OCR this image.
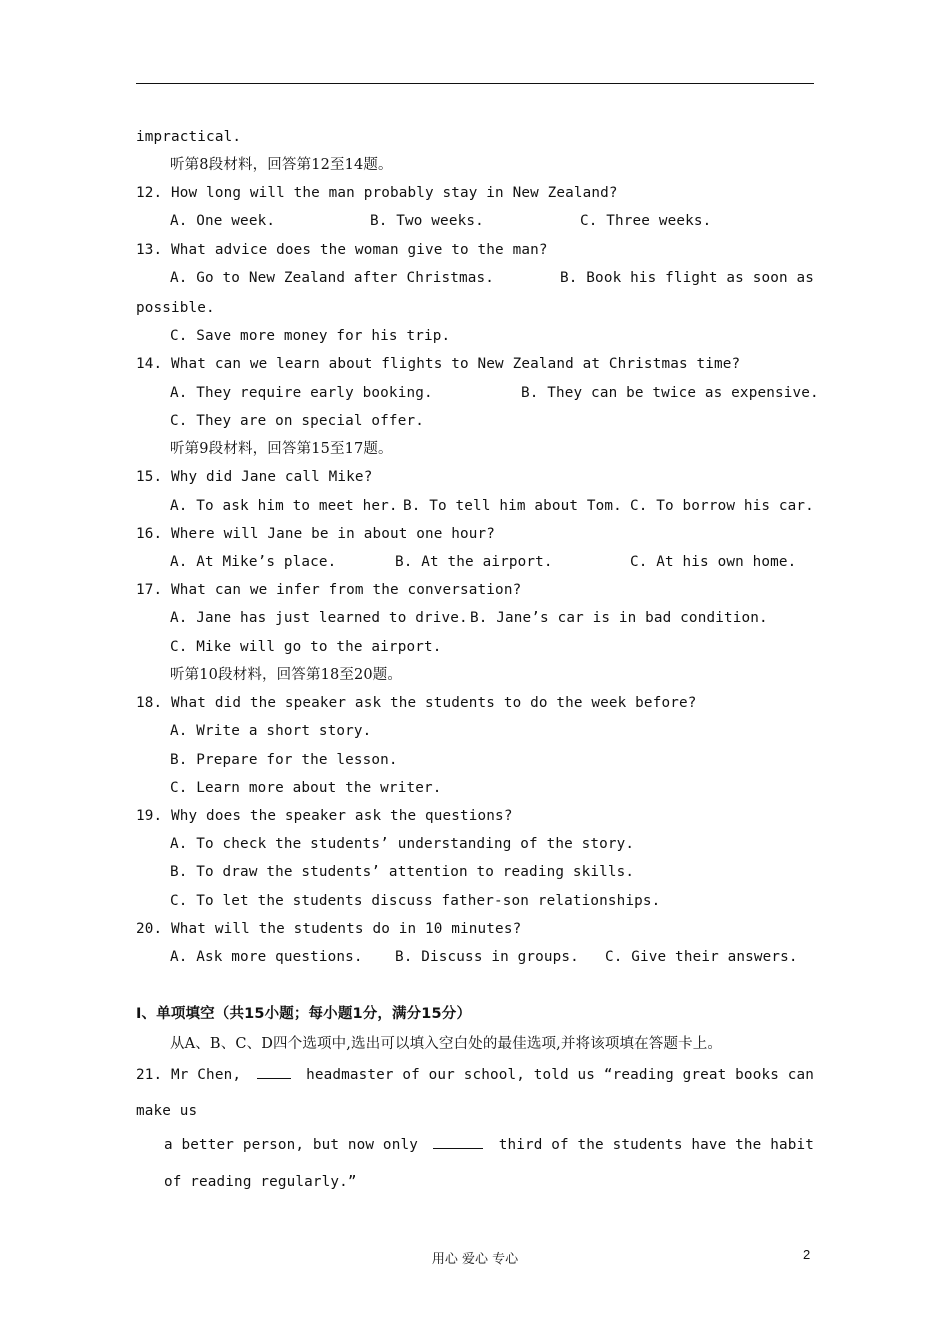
impractical.
听第8段材料，回答第12至14题。
12. How long will the man probably stay in New Zealand?
A. One week.	B. Two weeks.	C. Three weeks.
13. What advice does the woman give to the man?
A. Go to New Zealand after Christmas.	B. Book his flight as soon as
possible.
C. Save more money for his trip.
14. What can we learn about flights to New Zealand at Christmas time?
A. They require early booking.	B. They can be twice as expensive.
C. They are on special offer.
听第9段材料，回答第15至17题。
15. Why did Jane call Mike?
A. To ask him to meet her. B. To tell him about Tom. C. To borrow his car.
16. Where will Jane be in about one hour?
A. At Mike’s place.	B. At the airport.	C. At his own home.
17. What can we infer from the conversation?
A. Jane has just learned to drive. B. Jane’s car is in bad condition.
C. Mike will go to the airport.
听第10段材料，回答第18至20题。
18. What did the speaker ask the students to do the week before?
A. Write a short story.
B. Prepare for the lesson.
C. Learn more about the writer.
19. Why does the speaker ask the questions?
A. To check the students’ understanding of the story.
B. To draw the students’ attention to reading skills.
C. To let the students discuss father-son relationships.
20. What will the students do in 10 minutes?
A. Ask more questions. B. Discuss in groups. C. Give their answers.
I、单项填空（共15小题；每小题1分，满分15分）
从A、B、C、D四个选项中,选出可以填入空白处的最佳选项,并将该项填在答题卡上。
21. Mr Chen,	headmaster of our school, told us “reading great books can
make us
a better person, but now only	third of the students have the habit
of reading regularly.”
用心 爱心 专心	2
